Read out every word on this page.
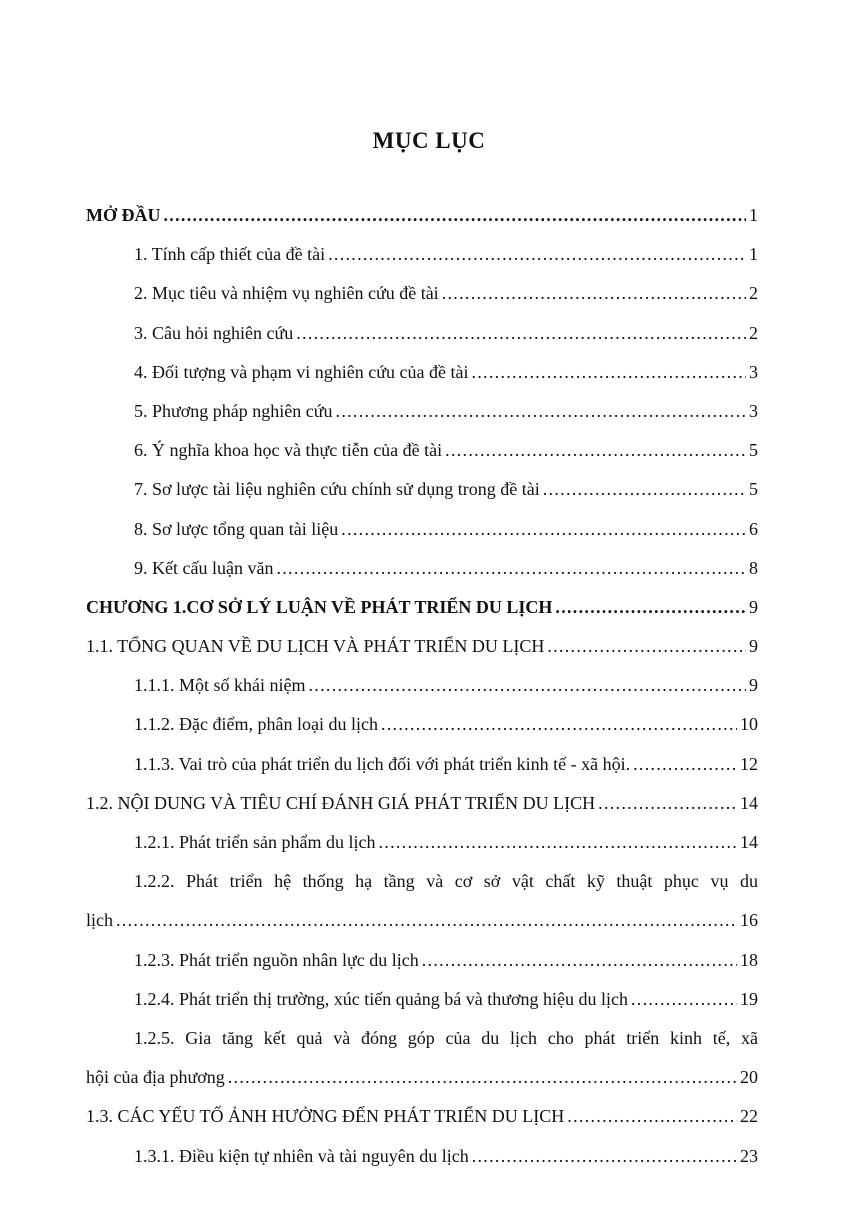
MỤC LỤC
MỞ ĐẦU . . .	1
1. Tính cấp thiết của đề tài . . .	1
2. Mục tiêu và nhiệm vụ nghiên cứu đề tài . . .	2
3. Câu hỏi nghiên cứu . . .	2
4. Đối tượng và phạm vi nghiên cứu của đề tài . . .	3
5. Phương pháp nghiên cứu . . .	3
6. Ý nghĩa khoa học và thực tiễn của đề tài . . .	5
7. Sơ lược tài liệu nghiên cứu chính sử dụng trong đề tài . . .	5
8. Sơ lược tổng quan tài liệu . . .	6
9. Kết cấu luận văn . . .	8
CHƯƠNG 1.CƠ SỞ LÝ LUẬN VỀ PHÁT TRIỂN DU LỊCH . . .	9
1.1. TỔNG QUAN VỀ DU LỊCH VÀ PHÁT TRIỂN DU LỊCH . . .	9
1.1.1. Một số khái niệm . . .	9
1.1.2. Đặc điểm, phân loại du lịch . . .	10
1.1.3. Vai trò của phát triển du lịch đối với phát triển kinh tế - xã hội. . . .	12
1.2. NỘI DUNG VÀ TIÊU CHÍ ĐÁNH GIÁ PHÁT TRIỂN DU LỊCH . . .	14
1.2.1. Phát triển sản phẩm du lịch . . .	14
1.2.2. Phát triển hệ thống hạ tầng và cơ sở vật chất kỹ thuật phục vụ du
lịch . . .	16
1.2.3. Phát triển nguồn nhân lực du lịch . . .	18
1.2.4. Phát triển thị trường, xúc tiến quảng bá và thương hiệu du lịch . . .	19
1.2.5. Gia tăng kết quả và đóng góp của du lịch cho phát triển kinh tế, xã
hội của địa phương . . .	20
1.3. CÁC YẾU TỐ ẢNH HƯỞNG ĐẾN PHÁT TRIỂN DU LỊCH . . .	22
1.3.1. Điều kiện tự nhiên và tài nguyên du lịch . . .	23
